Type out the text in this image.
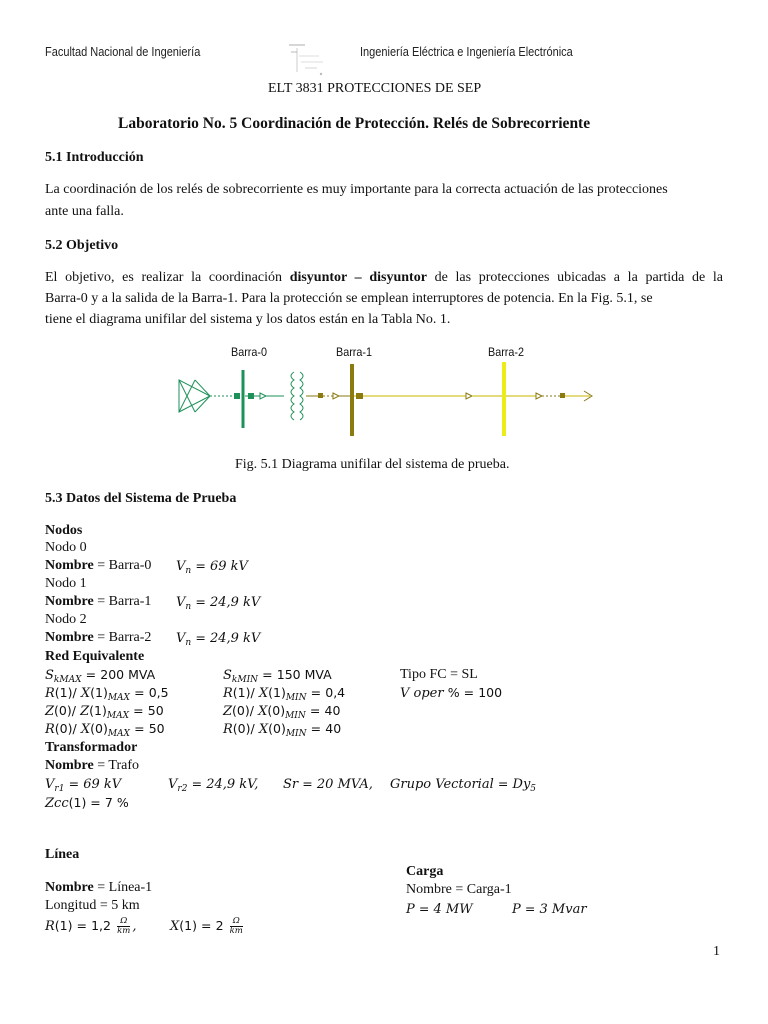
Facultad Nacional de Ingeniería	Ingeniería Eléctrica e Ingeniería Electrónica
ELT 3831 PROTECCIONES DE SEP
Laboratorio No. 5 Coordinación de Protección. Relés de Sobrecorriente
5.1 Introducción
La coordinación de los relés de sobrecorriente es muy importante para la correcta actuación de las protecciones
ante una falla.
5.2 Objetivo
El objetivo, es realizar la coordinación disyuntor – disyuntor de las protecciones ubicadas a la partida de la
Barra-0 y a la salida de la Barra-1. Para la protección se emplean interruptores de potencia. En la Fig. 5.1, se
tiene el diagrama unifilar del sistema y los datos están en la Tabla No. 1.
Barra-0	Barra-1	Barra-2
Fig. 5.1 Diagrama unifilar del sistema de prueba.
5.3 Datos del Sistema de Prueba
Nodos
Nodo 0
Nombre = Barra-0 $V_n = 69$ kV
Nodo 1
Nombre = Barra-1 $V_n = 24,9$ kV
Nodo 2
Nombre = Barra-2 $V_n = 24,9$ kV
Red Equivalente
$S_{kMAX} = 200$ MVA	$S_{kMIN} = 150$ MVA	Tipo FC = SL
R(1)/ $X(1)_{MAX} = 0,5$	R(1)/ $X(1)_{MIN} = 0,4$	V oper % = 100
Z(0)/ $Z(1)_{MAX} = 50$	Z(0)/ $X(0)_{MIN} = 40$
R(0)/ $X(0)_{MAX} = 50$	R(0)/ $X(0)_{MIN} = 40$
Transformador
Nombre = Trafo
$V_{r1} = 69$ kV	$V_{r2} = 24,9$ kV, Sr = 20 MVA, Grupo Vectorial = $Dy_5$
Zcc(1) = 7 %
Línea
Carga
Nombre = Carga-1
P = 4 MW	P = 3 Mvar
Nombre = Línea-1
Longitud = 5 km
$R(1) = 1,2 \frac{\Omega}{km}$ ,	$X(1) = 2 \frac{\Omega}{km}$
1
